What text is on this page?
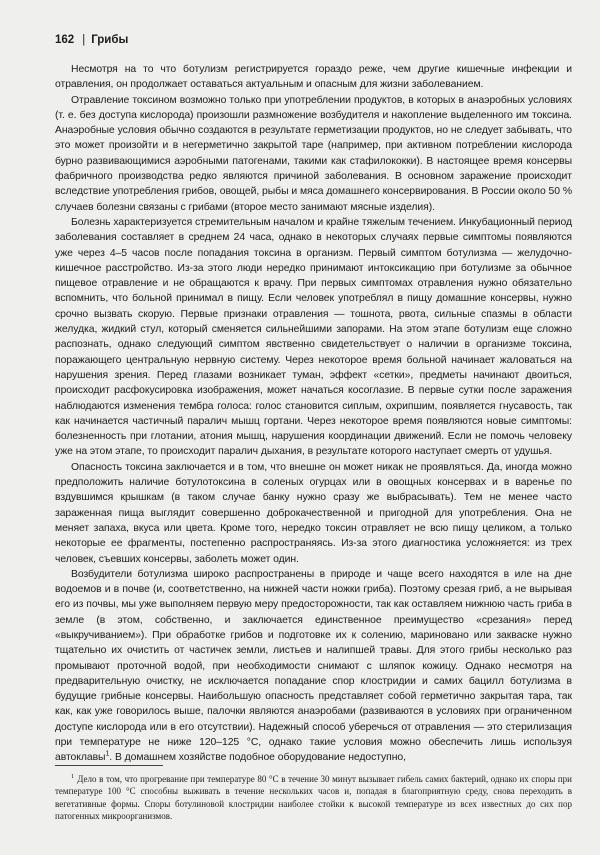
162 | Грибы

Несмотря на то что ботулизм регистрируется гораздо реже, чем другие кишечные инфекции и отравления, он продолжает оставаться актуальным и опасным для жизни заболеванием.

Отравление токсином возможно только при употреблении продуктов, в которых в анаэробных условиях (т. е. без доступа кислорода) произошли размножение возбудителя и накопление выделенного им токсина. Анаэробные условия обычно создаются в результате герметизации продуктов, но не следует забывать, что это может произойти и в негерметично закрытой таре (например, при активном потреблении кислорода бурно развивающимися аэробными патогенами, такими как стафилококки). В настоящее время консервы фабричного производства редко являются причиной заболевания. В основном заражение происходит вследствие употребления грибов, овощей, рыбы и мяса домашнего консервирования. В России около 50 % случаев болезни связаны с грибами (второе место занимают мясные изделия).

Болезнь характеризуется стремительным началом и крайне тяжелым течением. Инкубационный период заболевания составляет в среднем 24 часа, однако в некоторых случаях первые симптомы появляются уже через 4–5 часов после попадания токсина в организм. Первый симптом ботулизма — желудочно-кишечное расстройство. Из-за этого люди нередко принимают интоксикацию при ботулизме за обычное пищевое отравление и не обращаются к врачу. При первых симптомах отравления нужно обязательно вспомнить, что больной принимал в пищу. Если человек употреблял в пищу домашние консервы, нужно срочно вызвать скорую. Первые признаки отравления — тошнота, рвота, сильные спазмы в области желудка, жидкий стул, который сменяется сильнейшими запорами. На этом этапе ботулизм еще сложно распознать, однако следующий симптом явственно свидетельствует о наличии в организме токсина, поражающего центральную нервную систему. Через некоторое время больной начинает жаловаться на нарушения зрения. Перед глазами возникает туман, эффект «сетки», предметы начинают двоиться, происходит расфокусировка изображения, может начаться косоглазие. В первые сутки после заражения наблюдаются изменения тембра голоса: голос становится сиплым, охрипшим, появляется гнусавость, так как начинается частичный паралич мышц гортани. Через некоторое время появляются новые симптомы: болезненность при глотании, атония мышц, нарушения координации движений. Если не помочь человеку уже на этом этапе, то происходит паралич дыхания, в результате которого наступает смерть от удушья.

Опасность токсина заключается и в том, что внешне он может никак не проявляться. Да, иногда можно предположить наличие ботулотоксина в соленых огурцах или в овощных консервах и в варенье по вздувшимся крышкам (в таком случае банку нужно сразу же выбрасывать). Тем не менее часто зараженная пища выглядит совершенно доброкачественной и пригодной для употребления. Она не меняет запаха, вкуса или цвета. Кроме того, нередко токсин отравляет не всю пищу целиком, а только некоторые ее фрагменты, постепенно распространяясь. Из-за этого диагностика усложняется: из трех человек, съевших консервы, заболеть может один.

Возбудители ботулизма широко распространены в природе и чаще всего находятся в иле на дне водоемов и в почве (и, соответственно, на нижней части ножки гриба). Поэтому срезая гриб, а не вырывая его из почвы, мы уже выполняем первую меру предосторожности, так как оставляем нижнюю часть гриба в земле (в этом, собственно, и заключается единственное преимущество «срезания» перед «выкручиванием»). При обработке грибов и подготовке их к солению, мариновано или закваске нужно тщательно их очистить от частичек земли, листьев и налипшей травы. Для этого грибы несколько раз промывают проточной водой, при необходимости снимают с шляпок кожицу. Однако несмотря на предварительную очистку, не исключается попадание спор клостридии и самих бацилл ботулизма в будущие грибные консервы. Наибольшую опасность представляет собой герметично закрытая тара, так как, как уже говорилось выше, палочки являются анаэробами (развиваются в условиях при ограниченном доступе кислорода или в его отсутствии). Надежный способ уберечься от отравления — это стерилизация при температуре не ниже 120–125 °С, однако такие условия можно обеспечить лишь используя автоклавы$^1$. В домашнем хозяйстве подобное оборудование недоступно,

$^1$ Дело в том, что прогревание при температуре 80 °С в течение 30 минут вызывает гибель самих бактерий, однако их споры при температуре 100 °С способны выживать в течение нескольких часов и, попадая в благоприятную среду, снова переходить в вегетативные формы. Споры ботулиновой клостридии наиболее стойки к высокой температуре из всех известных до сих пор патогенных микроорганизмов.
